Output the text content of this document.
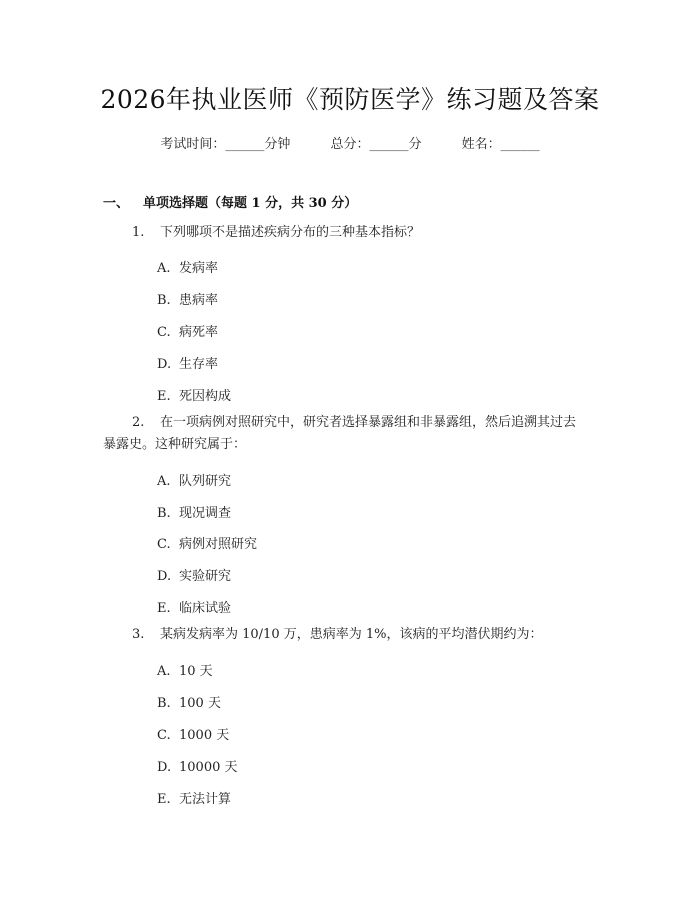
2026年执业医师《预防医学》练习题及答案
考试时间：______分钟	总分：______分	姓名：______
一、 单项选择题（每题 1 分，共 30 分）
1. 下列哪项不是描述疾病分布的三种基本指标？
A. 发病率
B. 患病率
C. 病死率
D. 生存率
E. 死因构成
2. 在一项病例对照研究中，研究者选择暴露组和非暴露组，然后追溯其过去
暴露史。这种研究属于：
A. 队列研究
B. 现况调查
C. 病例对照研究
D. 实验研究
E. 临床试验
3. 某病发病率为 10/10 万，患病率为 1%，该病的平均潜伏期约为：
A. 10 天
B. 100 天
C. 1000 天
D. 10000 天
E. 无法计算
